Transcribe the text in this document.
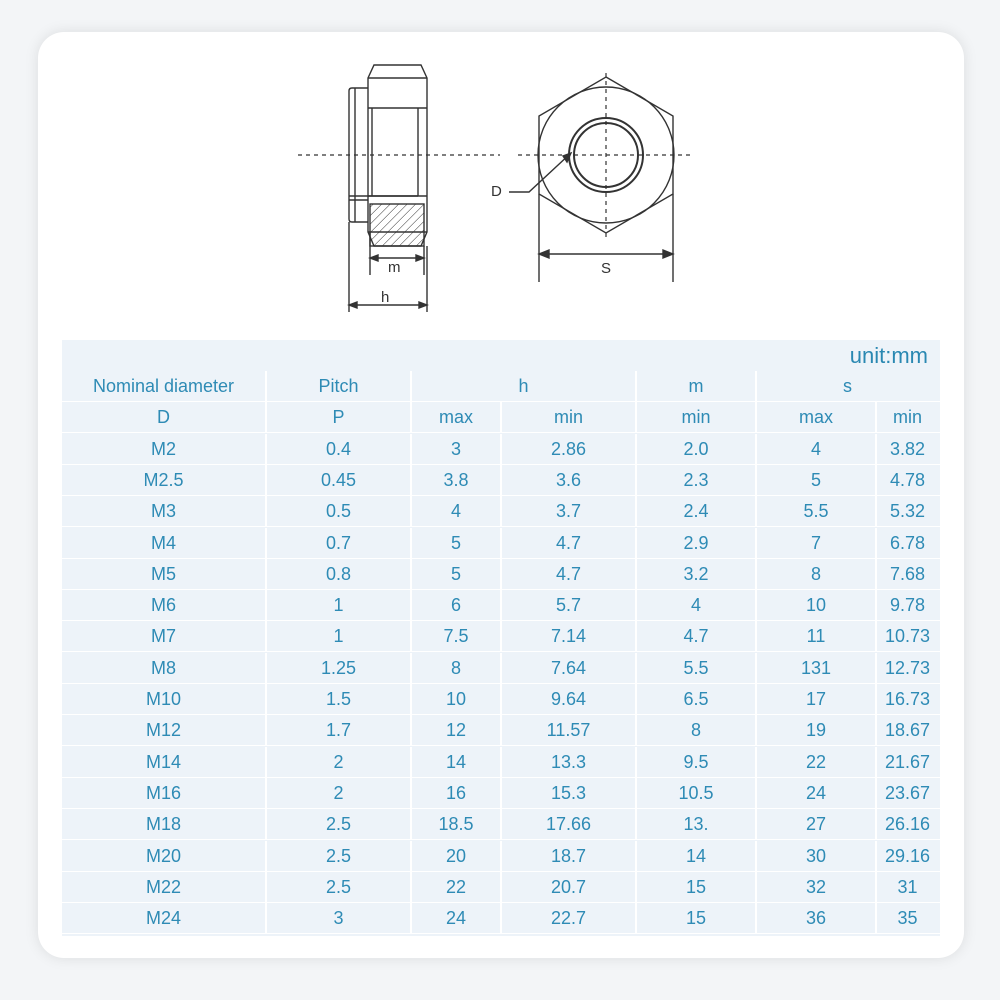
D
S
m
h
unit:mm
Nominal diameter	Pitch	h	m	s
D	P	max	min	min	max	min
M2	0.4	3	2.86	2.0	4	3.82
M2.5	0.45	3.8	3.6	2.3	5	4.78
M3	0.5	4	3.7	2.4	5.5	5.32
M4	0.7	5	4.7	2.9	7	6.78
M5	0.8	5	4.7	3.2	8	7.68
M6	1	6	5.7	4	10	9.78
M7	1	7.5	7.14	4.7	11	10.73
M8	1.25	8	7.64	5.5	131	12.73
M10	1.5	10	9.64	6.5	17	16.73
M12	1.7	12	11.57	8	19	18.67
M14	2	14	13.3	9.5	22	21.67
M16	2	16	15.3	10.5	24	23.67
M18	2.5	18.5	17.66	13.	27	26.16
M20	2.5	20	18.7	14	30	29.16
M22	2.5	22	20.7	15	32	31
M24	3	24	22.7	15	36	35
